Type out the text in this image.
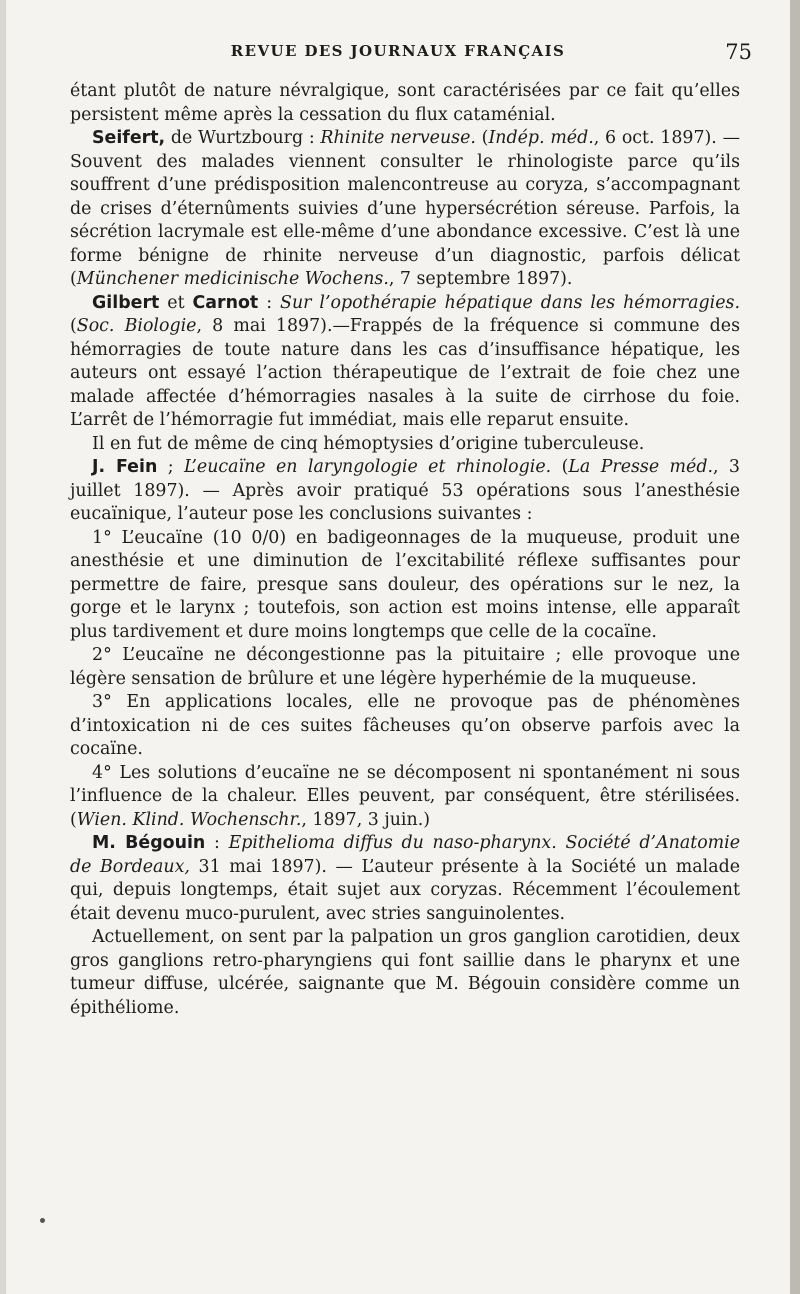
REVUE DES JOURNAUX FRANÇAIS	75

étant plutôt de nature névralgique, sont caractérisées par ce fait qu’elles persistent même après la cessation du flux cataménial.

Seifert, de Wurtzbourg : Rhinite nerveuse. (Indép. méd., 6 oct. 1897). — Souvent des malades viennent consulter le rhinologiste parce qu’ils souffrent d’une prédisposition malencontreuse au coryza, s’accompagnant de crises d’éternûments suivies d’une hypersécrétion séreuse. Parfois, la sécrétion lacrymale est elle-même d’une abondance excessive. C’est là une forme bénigne de rhinite nerveuse d’un diagnostic, parfois délicat (Münchener medicinische Wochens., 7 septembre 1897).

Gilbert et Carnot : Sur l’opothérapie hépatique dans les hémorragies. (Soc. Biologie, 8 mai 1897).—Frappés de la fréquence si commune des hémorragies de toute nature dans les cas d’insuffisance hépatique, les auteurs ont essayé l’action thérapeutique de l’extrait de foie chez une malade affectée d’hémorragies nasales à la suite de cirrhose du foie. L’arrêt de l’hémorragie fut immédiat, mais elle reparut ensuite.

Il en fut de même de cinq hémoptysies d’origine tuberculeuse.

J. Fein ; L’eucaïne en laryngologie et rhinologie. (La Presse méd., 3 juillet 1897). — Après avoir pratiqué 53 opérations sous l’anesthésie eucaïnique, l’auteur pose les conclusions suivantes :

1° L’eucaïne (10 0/0) en badigeonnages de la muqueuse, produit une anesthésie et une diminution de l’excitabilité réflexe suffisantes pour permettre de faire, presque sans douleur, des opérations sur le nez, la gorge et le larynx ; toutefois, son action est moins intense, elle apparaît plus tardivement et dure moins longtemps que celle de la cocaïne.

2° L’eucaïne ne décongestionne pas la pituitaire ; elle provoque une légère sensation de brûlure et une légère hyperhémie de la muqueuse.

3° En applications locales, elle ne provoque pas de phénomènes d’intoxication ni de ces suites fâcheuses qu’on observe parfois avec la cocaïne.

4° Les solutions d’eucaïne ne se décomposent ni spontanément ni sous l’influence de la chaleur. Elles peuvent, par conséquent, être stérilisées. (Wien. Klind. Wochenschr., 1897, 3 juin.)

M. Bégouin : Epithelioma diffus du naso-pharynx. Société d’Anatomie de Bordeaux, 31 mai 1897). — L’auteur présente à la Société un malade qui, depuis longtemps, était sujet aux coryzas. Récemment l’écoulement était devenu muco-purulent, avec stries sanguinolentes.

Actuellement, on sent par la palpation un gros ganglion carotidien, deux gros ganglions retro-pharyngiens qui font saillie dans le pharynx et une tumeur diffuse, ulcérée, saignante que M. Bégouin considère comme un épithéliome.
